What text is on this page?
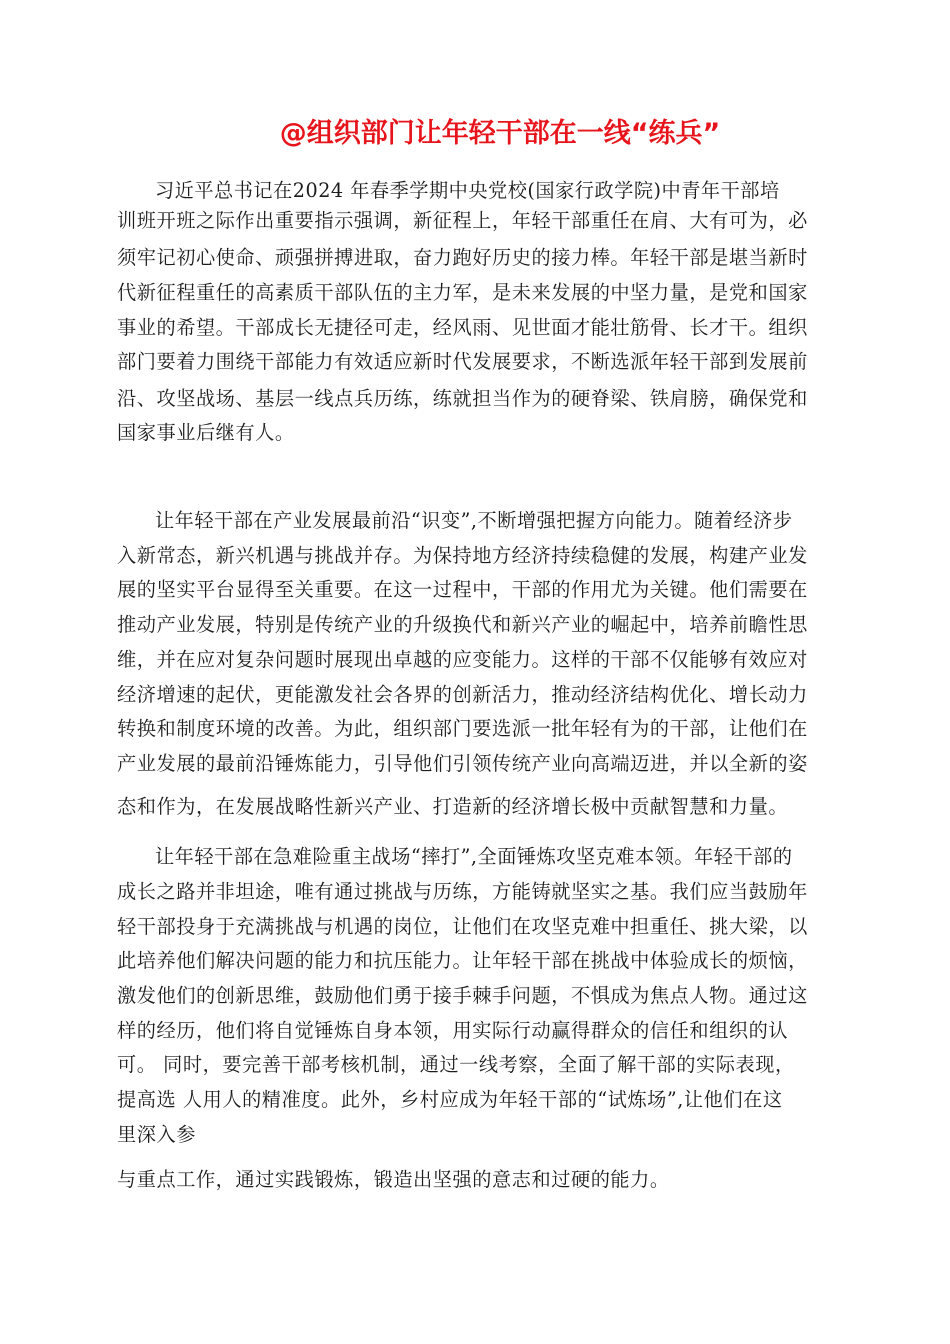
@组织部门让年轻干部在一线“练兵”

习近平总书记在2024 年春季学期中央党校(国家行政学院)中青年干部培

训班开班之际作出重要指示强调，新征程上，年轻干部重任在肩、大有可为，必

须牢记初心使命、顽强拼搏进取，奋力跑好历史的接力棒。年轻干部是堪当新时

代新征程重任的高素质干部队伍的主力军，是未来发展的中坚力量，是党和国家

事业的希望。干部成长无捷径可走，经风雨、见世面才能壮筋骨、长才干。组织

部门要着力围绕干部能力有效适应新时代发展要求，不断选派年轻干部到发展前

沿、攻坚战场、基层一线点兵历练，练就担当作为的硬脊梁、铁肩膀，确保党和

国家事业后继有人。

让年轻干部在产业发展最前沿“识变”,不断增强把握方向能力。随着经济步

入新常态，新兴机遇与挑战并存。为保持地方经济持续稳健的发展，构建产业发

展的坚实平台显得至关重要。在这一过程中，干部的作用尤为关键。他们需要在

推动产业发展，特别是传统产业的升级换代和新兴产业的崛起中，培养前瞻性思

维，并在应对复杂问题时展现出卓越的应变能力。这样的干部不仅能够有效应对

经济增速的起伏，更能激发社会各界的创新活力，推动经济结构优化、增长动力

转换和制度环境的改善。为此，组织部门要选派一批年轻有为的干部，让他们在

产业发展的最前沿锤炼能力，引导他们引领传统产业向高端迈进，并以全新的姿

态和作为，在发展战略性新兴产业、打造新的经济增长极中贡献智慧和力量。

让年轻干部在急难险重主战场“摔打”,全面锤炼攻坚克难本领。年轻干部的

成长之路并非坦途，唯有通过挑战与历练，方能铸就坚实之基。我们应当鼓励年

轻干部投身于充满挑战与机遇的岗位，让他们在攻坚克难中担重任、挑大梁，以

此培养他们解决问题的能力和抗压能力。让年轻干部在挑战中体验成长的烦恼，

激发他们的创新思维，鼓励他们勇于接手棘手问题，不惧成为焦点人物。通过这

样的经历，他们将自觉锤炼自身本领，用实际行动赢得群众的信任和组织的认

可。 同时，要完善干部考核机制，通过一线考察，全面了解干部的实际表现，

提高选 人用人的精准度。此外，乡村应成为年轻干部的“试炼场”,让他们在这

里深入参

与重点工作，通过实践锻炼，锻造出坚强的意志和过硬的能力。
